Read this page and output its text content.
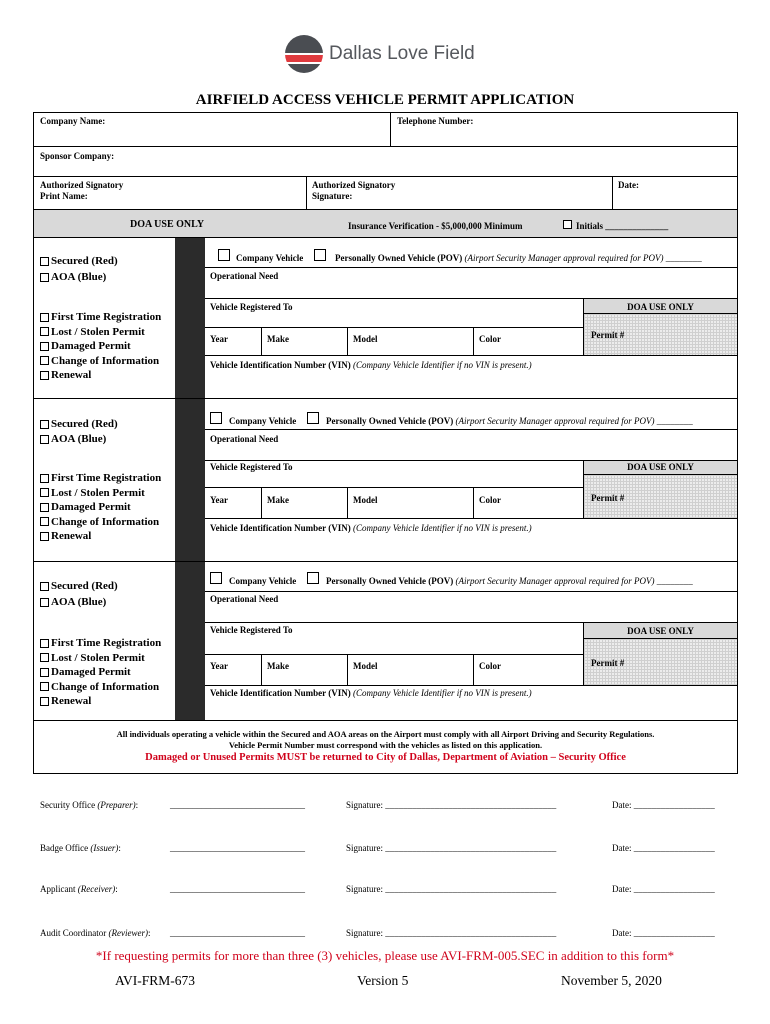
Dallas Love Field
AIRFIELD ACCESS VEHICLE PERMIT APPLICATION
Company Name:	Telephone Number:
Sponsor Company:
Authorized Signatory
Print Name:
Authorized Signatory
Signature:
Date:
DOA USE ONLY	Insurance Verification - $5,000,000 Minimum	Initials ______________
Secured (Red)
AOA (Blue)
First Time Registration
Lost / Stolen Permit
Damaged Permit
Change of Information
Renewal
Company Vehicle	Personally Owned Vehicle (POV) (Airport Security Manager approval required for POV) ________
Operational Need
Vehicle Registered To	DOA USE ONLY
Permit #
Year	Make	Model	Color
Vehicle Identification Number (VIN) (Company Vehicle Identifier if no VIN is present.)
Secured (Red)
AOA (Blue)
First Time Registration
Lost / Stolen Permit
Damaged Permit
Change of Information
Renewal
Company Vehicle	Personally Owned Vehicle (POV) (Airport Security Manager approval required for POV) ________
Operational Need
Vehicle Registered To	DOA USE ONLY
Permit #
Year	Make	Model	Color
Vehicle Identification Number (VIN) (Company Vehicle Identifier if no VIN is present.)
Secured (Red)
AOA (Blue)
First Time Registration
Lost / Stolen Permit
Damaged Permit
Change of Information
Renewal
Company Vehicle	Personally Owned Vehicle (POV) (Airport Security Manager approval required for POV) ________
Operational Need
Vehicle Registered To	DOA USE ONLY
Permit #
Year	Make	Model	Color
Vehicle Identification Number (VIN) (Company Vehicle Identifier if no VIN is present.)
All individuals operating a vehicle within the Secured and AOA areas on the Airport must comply with all Airport Driving and Security Regulations.
Vehicle Permit Number must correspond with the vehicles as listed on this application.
Damaged or Unused Permits MUST be returned to City of Dallas, Department of Aviation – Security Office
Security Office (Preparer):	______________________________	Signature: ______________________________________	Date: __________________
Badge Office (Issuer):	______________________________	Signature: ______________________________________	Date: __________________
Applicant (Receiver):	______________________________	Signature: ______________________________________	Date: __________________
Audit Coordinator (Reviewer): ______________________________	Signature: ______________________________________	Date: __________________
*If requesting permits for more than three (3) vehicles, please use AVI-FRM-005.SEC in addition to this form*
AVI-FRM-673	Version 5	November 5, 2020
